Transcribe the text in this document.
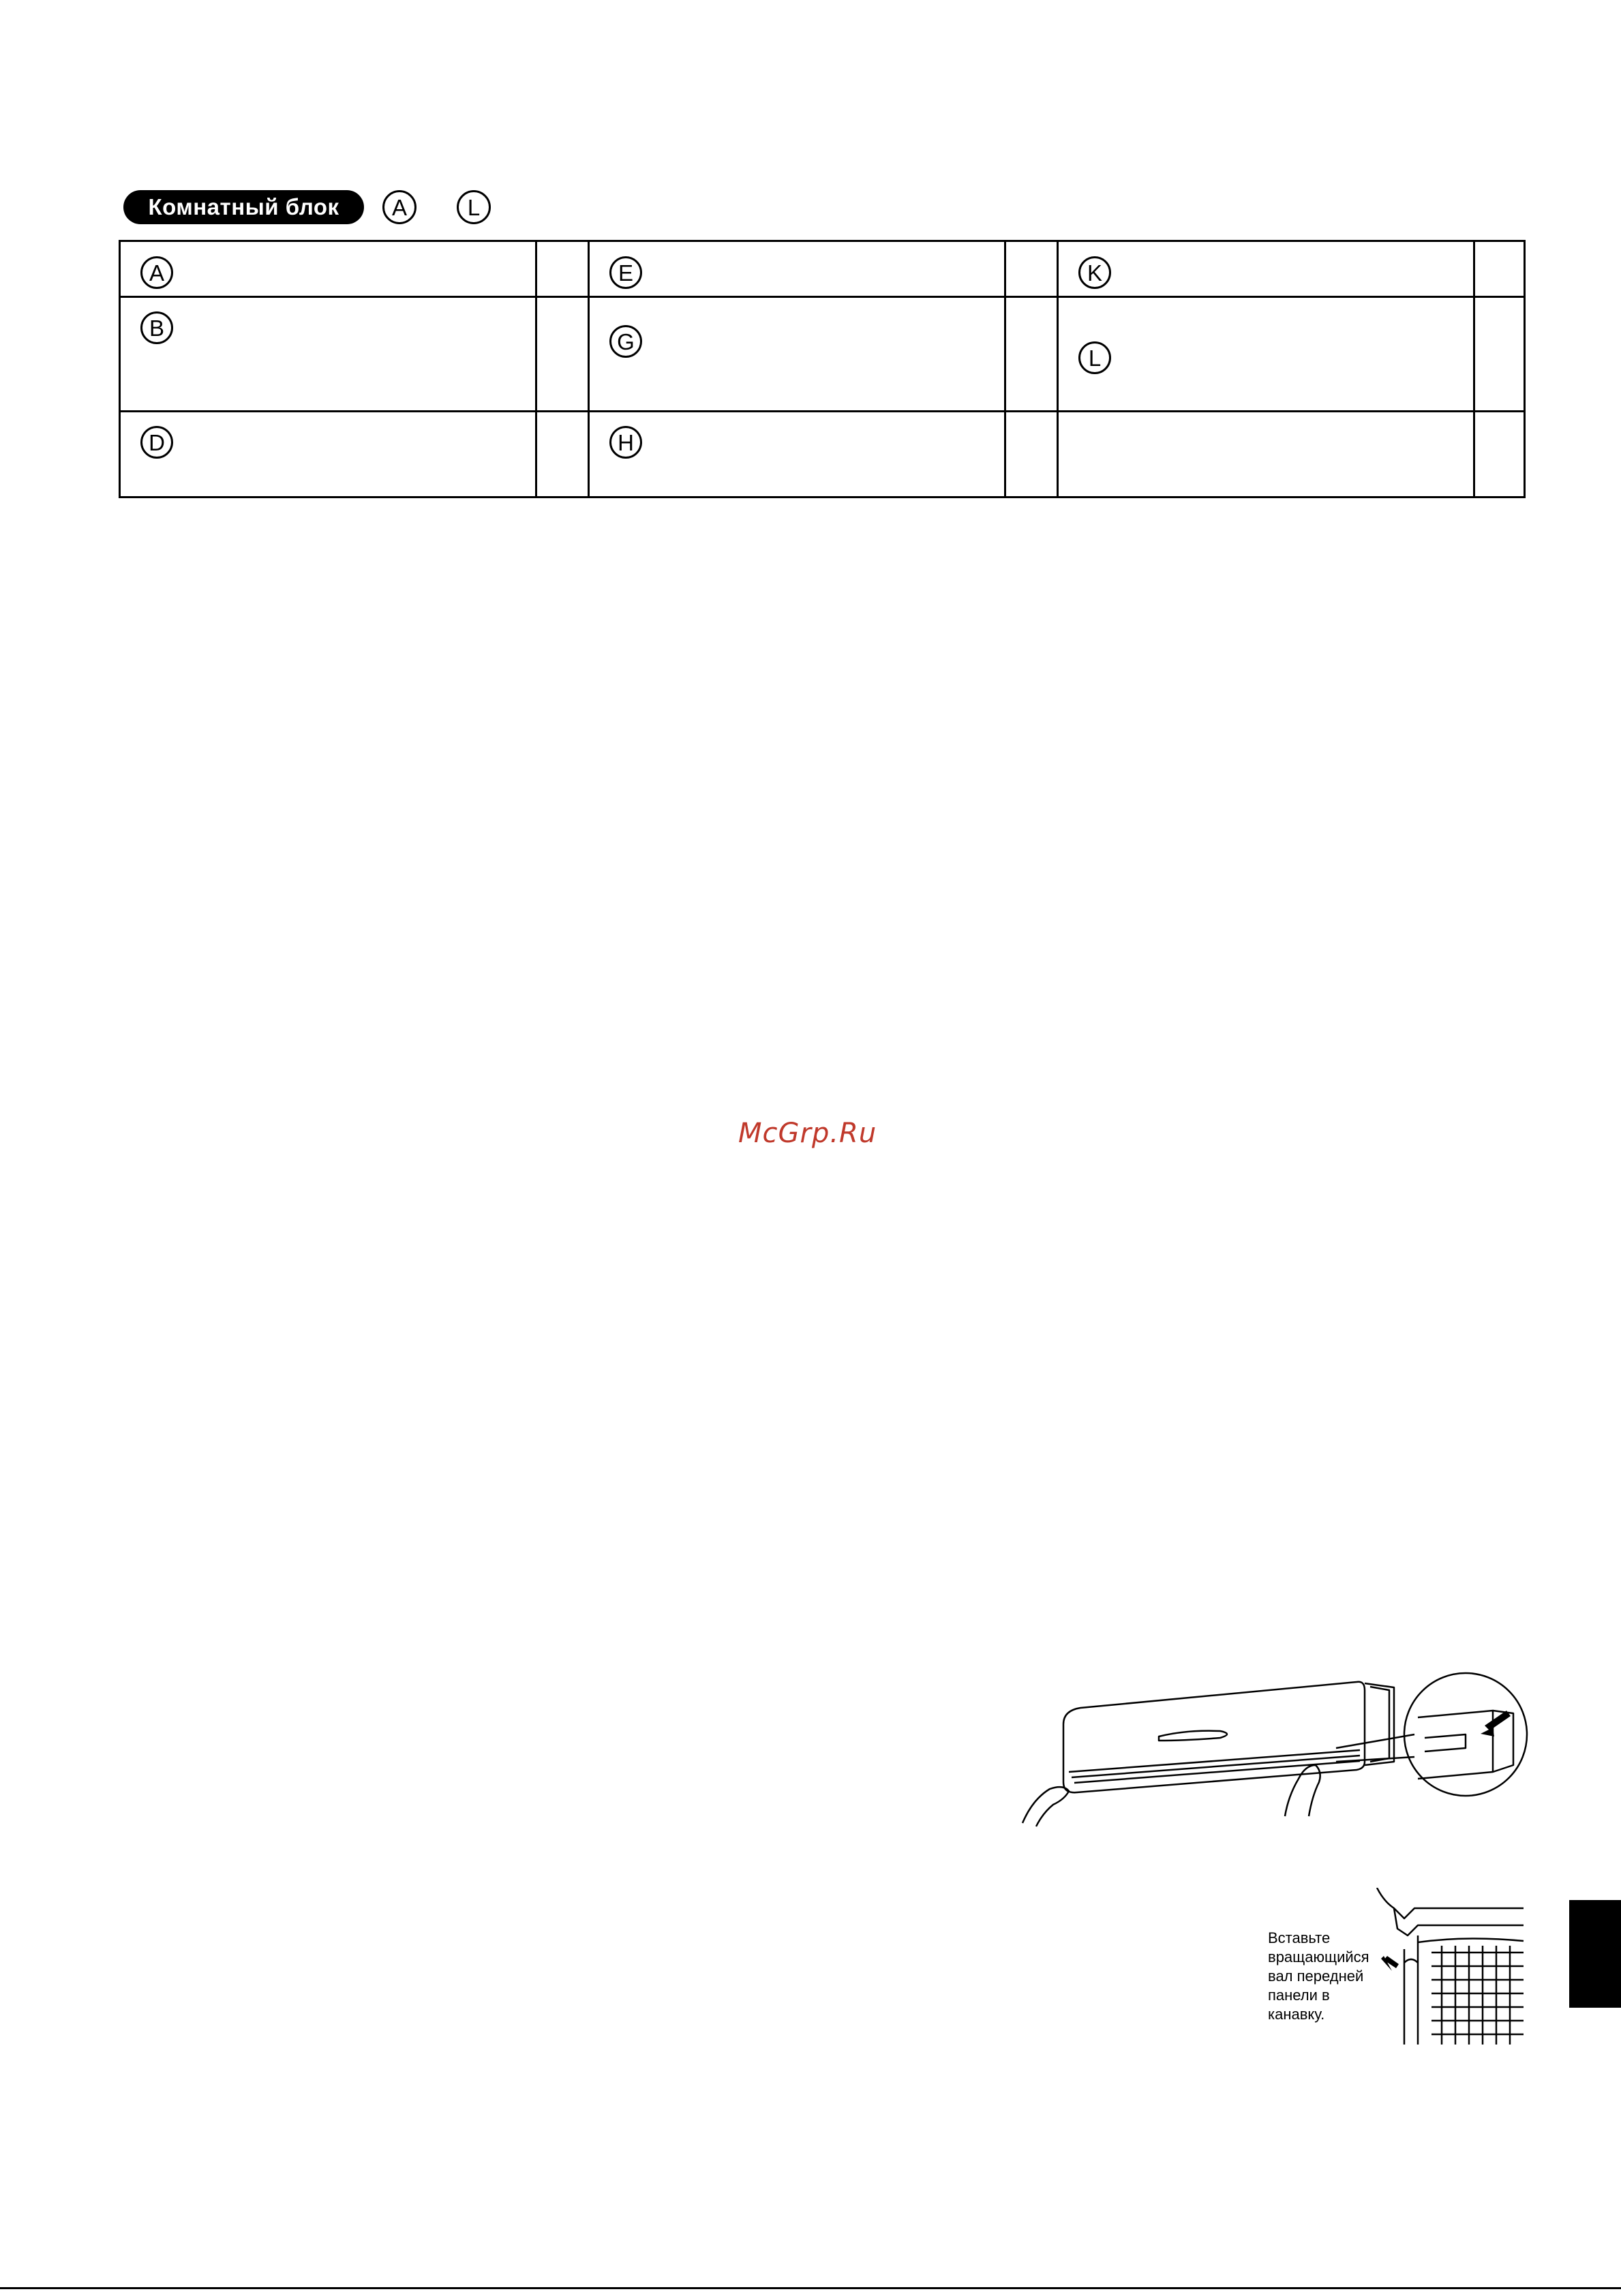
Комнатный блок	A	L
A		E		K	

B		G		L	

D		H			

McGrp.Ru
Вставьте
вращающийся
вал передней
панели в
канавку.
